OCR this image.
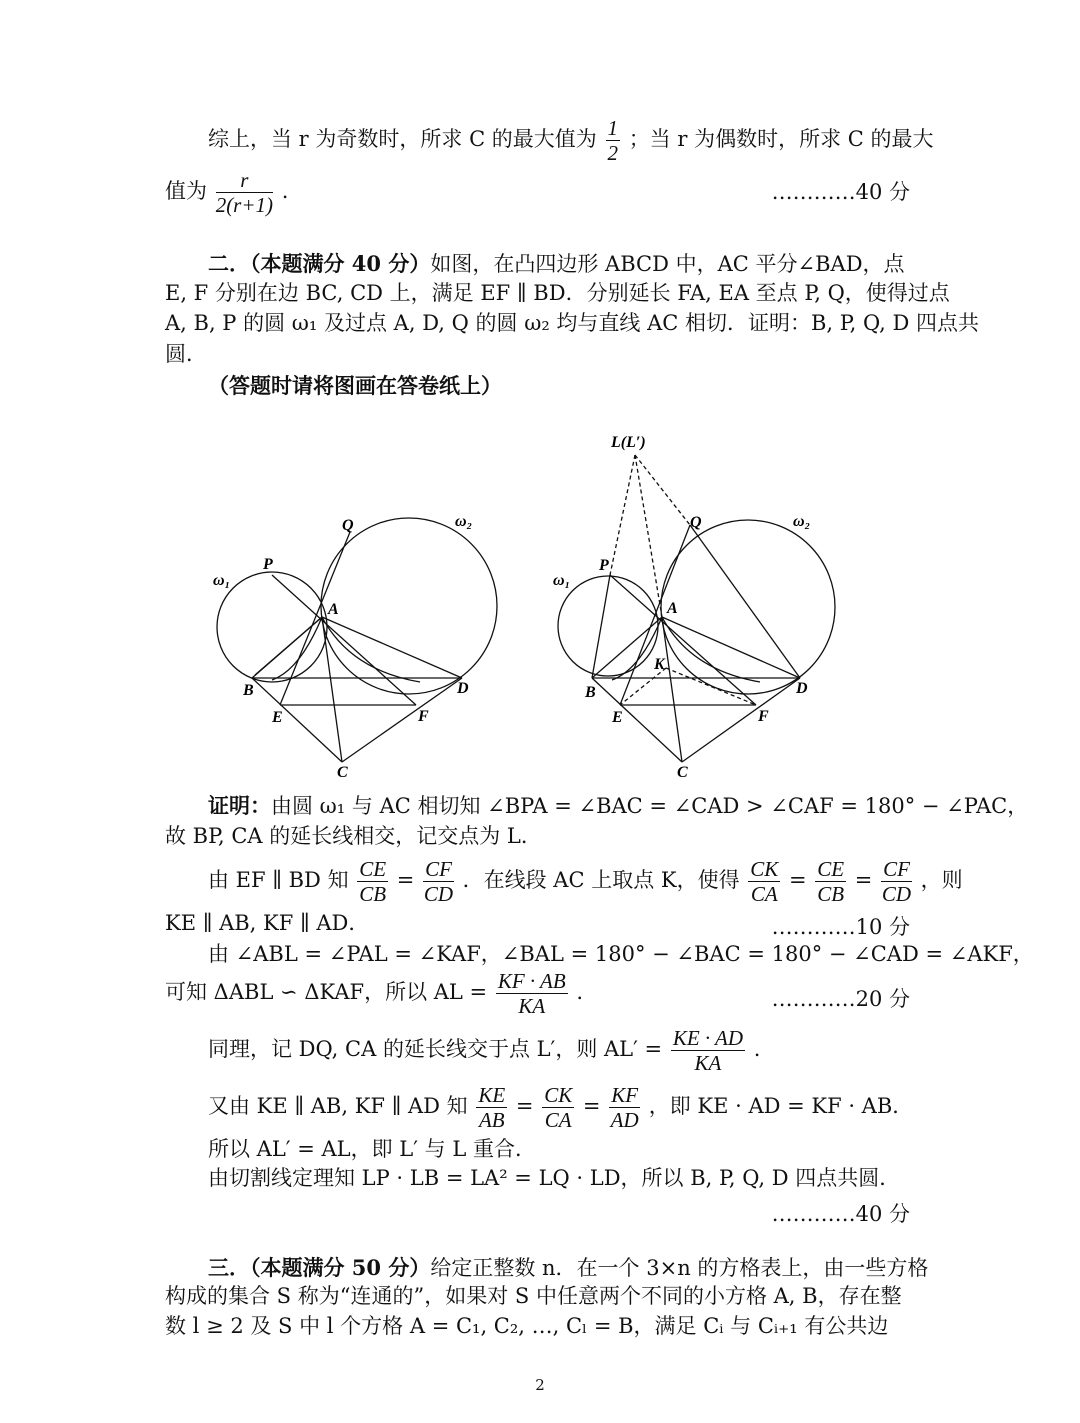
综上，当 r 为奇数时，所求 C 的最大值为 $\frac{1}{2}$ ；当 r 为偶数时，所求 C 的最大
值为 $\frac{r}{2(r+1)}$ .	…………40 分
二．（本题满分 40 分）如图，在凸四边形 ABCD 中，AC 平分∠BAD，点
E, F 分别在边 BC, CD 上，满足 EF ∥ BD．分别延长 FA, EA 至点 P, Q，使得过点
A, B, P 的圆 ω₁ 及过点 A, D, Q 的圆 ω₂ 均与直线 AC 相切．证明：B, P, Q, D 四点共
圆．
（答题时请将图画在答卷纸上）
ω₁
P
Q	ω₂
A
B	D
E	F
C
L(L′)
ω₁
P
Q	ω₂
A
K
B	D
E	F
C
证明：由圆 ω₁ 与 AC 相切知 ∠BPA = ∠BAC = ∠CAD > ∠CAF = 180° − ∠PAC，
故 BP, CA 的延长线相交，记交点为 L．
由 EF ∥ BD 知 $\frac{CE}{CB} = \frac{CF}{CD}$ ．在线段 AC 上取点 K，使得 $\frac{CK}{CA} = \frac{CE}{CB} = \frac{CF}{CD}$ ，则
KE ∥ AB, KF ∥ AD．	…………10 分
由 ∠ABL = ∠PAL = ∠KAF，∠BAL = 180° − ∠BAC = 180° − ∠CAD = ∠AKF，
可知 ΔABL ∽ ΔKAF，所以 AL = $\frac{KF \cdot AB}{KA}$ .	…………20 分
同理，记 DQ, CA 的延长线交于点 L′，则 $AL' = \frac{KE \cdot AD}{KA}$ .
又由 KE ∥ AB, KF ∥ AD 知 $\frac{KE}{AB} = \frac{CK}{CA} = \frac{KF}{AD}$ ，即 KE · AD = KF · AB．
所以 AL′ = AL，即 L′ 与 L 重合．
由切割线定理知 LP · LB = LA² = LQ · LD，所以 B, P, Q, D 四点共圆．
…………40 分
三．（本题满分 50 分）给定正整数 n．在一个 3×n 的方格表上，由一些方格
构成的集合 S 称为“连通的”，如果对 S 中任意两个不同的小方格 A, B，存在整
数 l ≥ 2 及 S 中 l 个方格 A = C₁, C₂, …, Cₗ = B，满足 Cᵢ 与 Cᵢ₊₁ 有公共边
2
